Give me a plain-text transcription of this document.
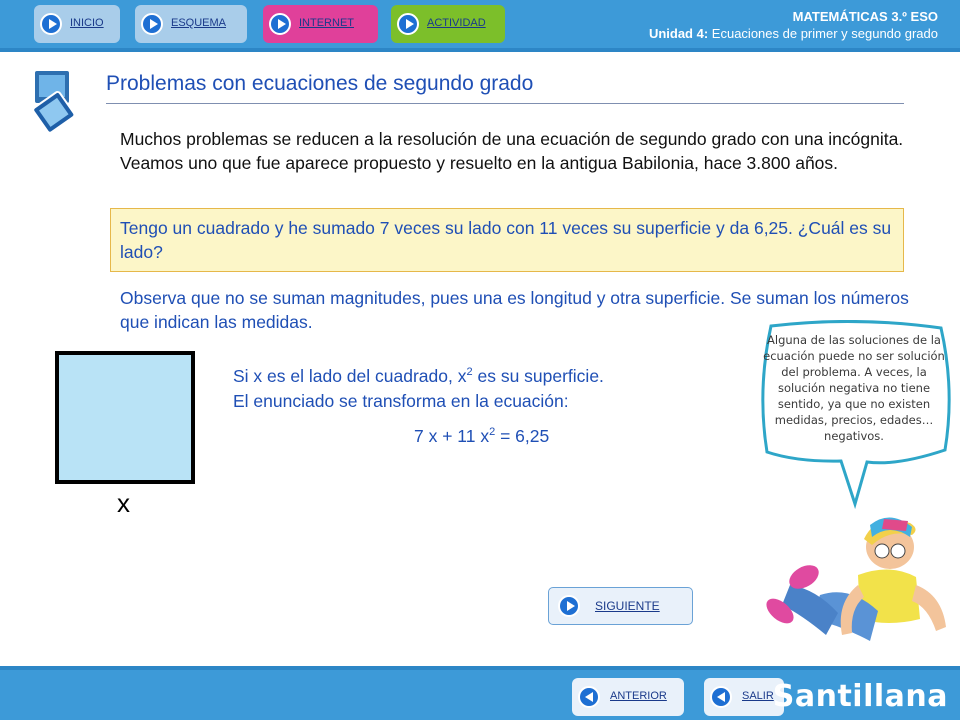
INICIO	ESQUEMA	INTERNET	ACTIVIDAD	MATEMÁTICAS 3.º ESO
Unidad 4: Ecuaciones de primer y segundo grado
Problemas con ecuaciones de segundo grado
Muchos problemas se reducen a la resolución de una ecuación de segundo grado con una incógnita. Veamos uno que fue aparece propuesto y resuelto en la antigua Babilonia, hace 3.800 años.
Tengo un cuadrado y he sumado 7 veces su lado con 11 veces su superficie y da 6,25. ¿Cuál es su lado?
Observa que no se suman magnitudes, pues una es longitud y otra superficie. Se suman los números que indican las medidas.
x
Si x es el lado del cuadrado, $x^2$ es su superficie.
El enunciado se transforma en la ecuación:
7 x + 11 $x^2 = 6,25$
Alguna de las soluciones de la ecuación puede no ser solución del problema. A veces, la solución negativa no tiene sentido, ya que no existen medidas, precios, edades… negativos.
SIGUIENTE
ANTERIOR	SALIR
Santillana
